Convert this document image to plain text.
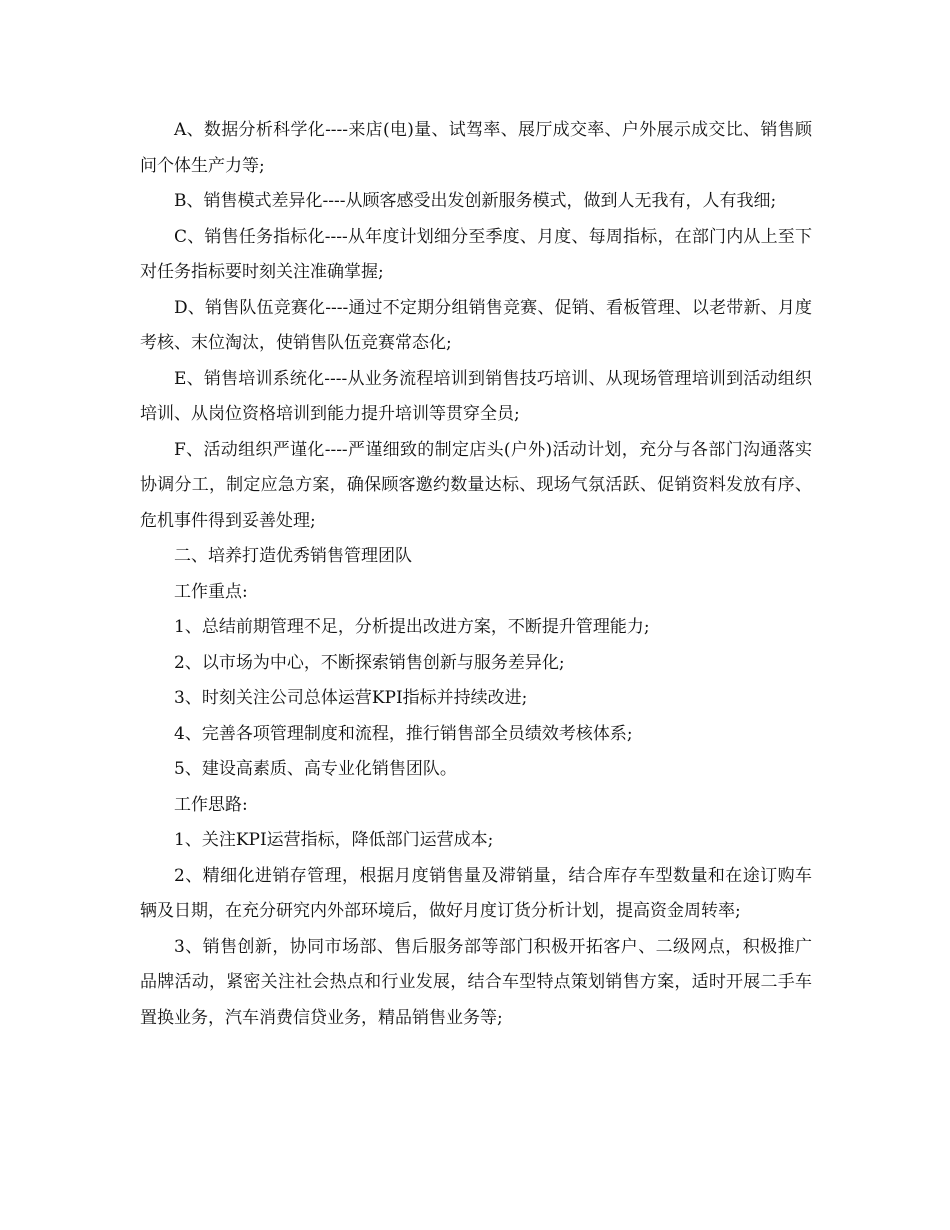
A、数据分析科学化----来店(电)量、试驾率、展厅成交率、户外展示成交比、销售顾问个体生产力等;

B、销售模式差异化----从顾客感受出发创新服务模式，做到人无我有，人有我细;

C、销售任务指标化----从年度计划细分至季度、月度、每周指标，在部门内从上至下对任务指标要时刻关注准确掌握;

D、销售队伍竞赛化----通过不定期分组销售竞赛、促销、看板管理、以老带新、月度考核、末位淘汰，使销售队伍竞赛常态化;

E、销售培训系统化----从业务流程培训到销售技巧培训、从现场管理培训到活动组织培训、从岗位资格培训到能力提升培训等贯穿全员;

F、活动组织严谨化----严谨细致的制定店头(户外)活动计划，充分与各部门沟通落实协调分工，制定应急方案，确保顾客邀约数量达标、现场气氛活跃、促销资料发放有序、危机事件得到妥善处理;

二、培养打造优秀销售管理团队

工作重点:

1、总结前期管理不足，分析提出改进方案，不断提升管理能力;

2、以市场为中心，不断探索销售创新与服务差异化;

3、时刻关注公司总体运营KPI指标并持续改进;

4、完善各项管理制度和流程，推行销售部全员绩效考核体系;

5、建设高素质、高专业化销售团队。

工作思路:

1、关注KPI运营指标，降低部门运营成本;

2、精细化进销存管理，根据月度销售量及滞销量，结合库存车型数量和在途订购车辆及日期，在充分研究内外部环境后，做好月度订货分析计划，提高资金周转率;

3、销售创新，协同市场部、售后服务部等部门积极开拓客户、二级网点，积极推广品牌活动，紧密关注社会热点和行业发展，结合车型特点策划销售方案，适时开展二手车置换业务，汽车消费信贷业务，精品销售业务等;
